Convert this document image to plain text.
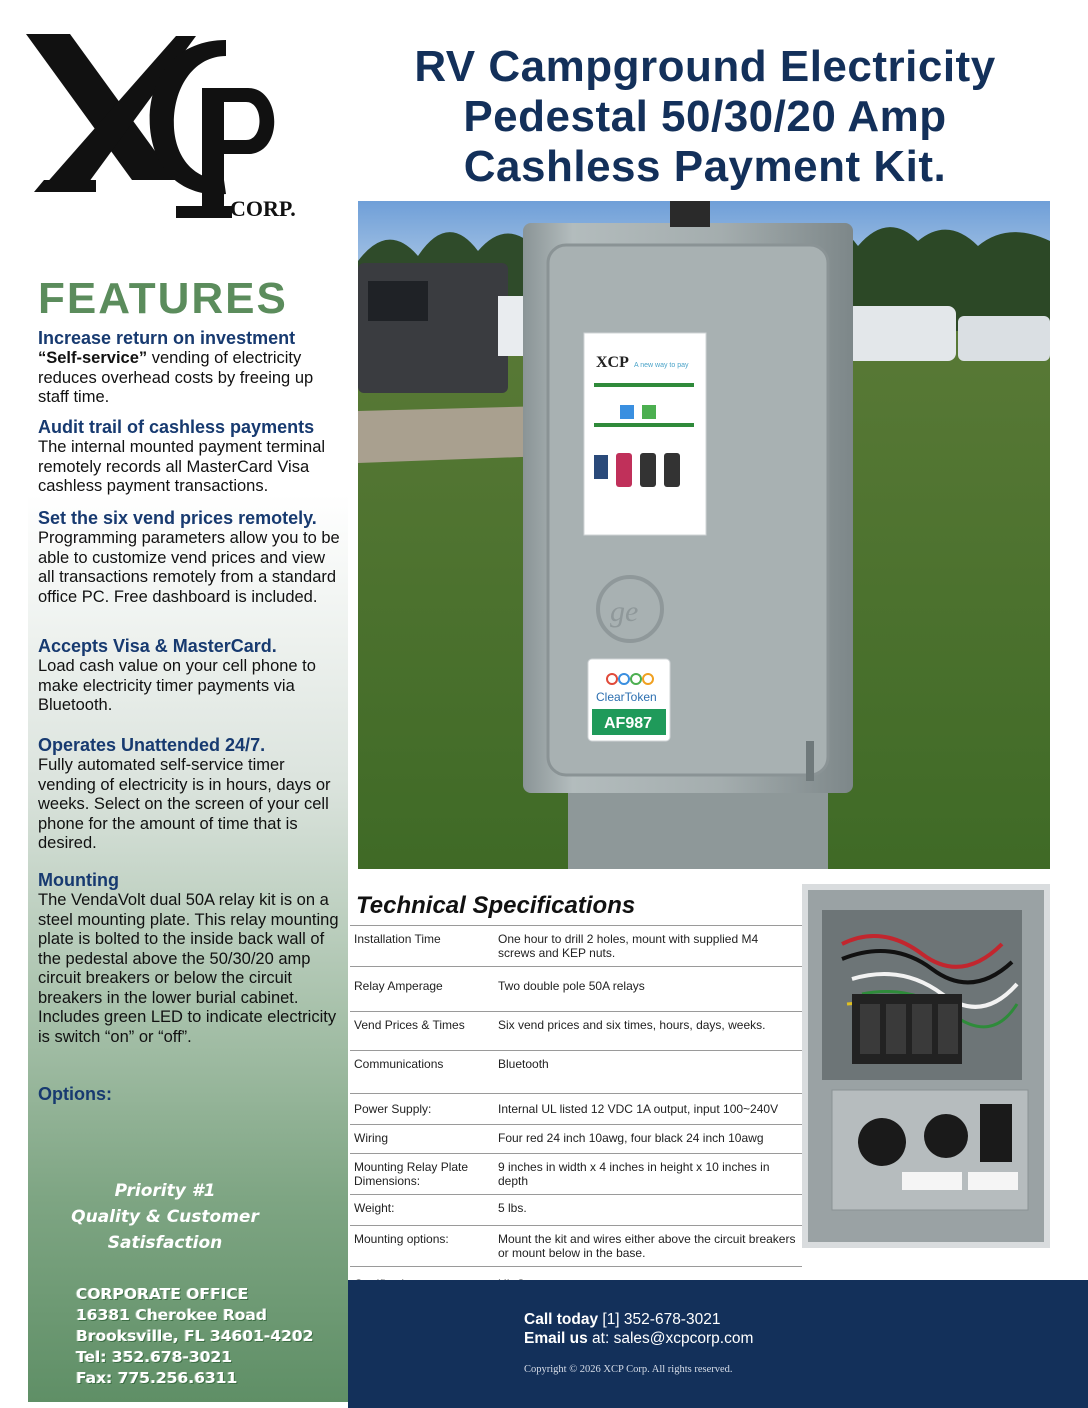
CORP.
RV Campground Electricity
Pedestal 50/30/20 Amp
Cashless Payment Kit.
FEATURES
Increase return on investment
“Self-service” vending of electricity reduces overhead costs by freeing up staff time.
Audit trail of cashless payments
The internal mounted payment terminal remotely records all MasterCard Visa cashless payment transactions.
Set the six vend prices remotely.
Programming parameters allow you to be able to customize vend prices and view all transactions remotely from a standard office PC. Free dashboard is included.
Accepts Visa & MasterCard.
Load cash value on your cell phone to make electricity timer payments via Bluetooth.
Operates Unattended 24/7.
Fully automated self-service timer vending of electricity is in hours, days or weeks. Select on the screen of your cell phone for the amount of time that is desired.
Mounting
The VendaVolt dual 50A relay kit is on a steel mounting plate. This relay mounting plate is bolted to the inside back wall of the pedestal above the 50/30/20 amp circuit breakers or below the circuit breakers in the lower burial cabinet. Includes green LED to indicate electricity is switch “on” or “off”.
Options:
Priority #1
Quality & Customer
Satisfaction
CORPORATE OFFICE
16381 Cherokee Road
Brooksville, FL 34601-4202
Tel: 352.678-3021
Fax: 775.256.6311
XCP A new way to pay
ge
ClearToken
AF987
Technical Specifications
Installation Time	One hour to drill 2 holes, mount with supplied M4 screws and KEP nuts.
Relay Amperage	Two double pole 50A relays
Vend Prices & Times	Six vend prices and six times, hours, days, weeks.
Communications	Bluetooth
Power Supply:	Internal UL listed 12 VDC 1A output, input 100~240V
Wiring	Four red 24 inch 10awg, four black 24 inch 10awg
Mounting Relay Plate Dimensions:	9 inches in width x 4 inches in height x 10 inches in depth
Weight:	5 lbs.
Mounting options:	Mount the kit and wires either above the circuit breakers or mount below in the base.

Call today [1] 352-678-3021
Email us at: sales@xcpcorp.com
Copyright © 2026 XCP Corp. All rights reserved.
